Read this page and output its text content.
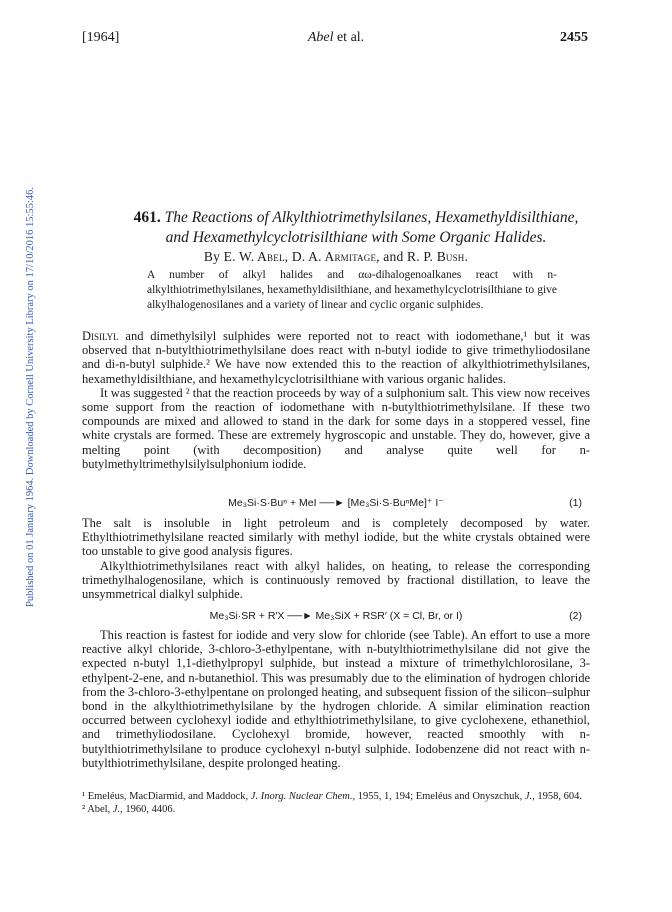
Published on 01 January 1964. Downloaded by Cornell University Library on 17/10/2016 15:55:46.
[1964]	Abel et al.	2455
461. The Reactions of Alkylthiotrimethylsilanes, Hexamethyldisilthiane,
and Hexamethylcyclotrisilthiane with Some Organic Halides.
By E. W. Abel, D. A. Armitage, and R. P. Bush.
A number of alkyl halides and αω-dihalogenoalkanes react with n-alkylthiotrimethylsilanes, hexamethyldisilthiane, and hexamethylcyclotrisilthiane to give alkylhalogenosilanes and a variety of linear and cyclic organic sulphides.

Disilyl and dimethylsilyl sulphides were reported not to react with iodomethane,¹ but it was observed that n-butylthiotrimethylsilane does react with n-butyl iodide to give trimethyliodosilane and di-n-butyl sulphide.² We have now extended this to the reaction of alkylthiotrimethylsilanes, hexamethyldisilthiane, and hexamethylcyclotrisilthiane with various organic halides.

It was suggested ² that the reaction proceeds by way of a sulphonium salt. This view now receives some support from the reaction of iodomethane with n-butylthiotrimethylsilane. If these two compounds are mixed and allowed to stand in the dark for some days in a stoppered vessel, fine white crystals are formed. These are extremely hygroscopic and unstable. They do, however, give a melting point (with decomposition) and analyse quite well for n-butylmethyltrimethylsilylsulphonium iodide.

Me₃Si·S·Buⁿ + MeI ──► [Me₃Si·S·BuⁿMe]⁺ I⁻	(1)

The salt is insoluble in light petroleum and is completely decomposed by water. Ethylthiotrimethylsilane reacted similarly with methyl iodide, but the white crystals obtained were too unstable to give good analysis figures.

Alkylthiotrimethylsilanes react with alkyl halides, on heating, to release the corresponding trimethylhalogenosilane, which is continuously removed by fractional distillation, to leave the unsymmetrical dialkyl sulphide.

Me₃Si·SR + R′X ──► Me₃SiX + RSR′ (X = Cl, Br, or I)	(2)

This reaction is fastest for iodide and very slow for chloride (see Table). An effort to use a more reactive alkyl chloride, 3-chloro-3-ethylpentane, with n-butylthiotrimethylsilane did not give the expected n-butyl 1,1-diethylpropyl sulphide, but instead a mixture of trimethylchlorosilane, 3-ethylpent-2-ene, and n-butanethiol. This was presumably due to the elimination of hydrogen chloride from the 3-chloro-3-ethylpentane on prolonged heating, and subsequent fission of the silicon–sulphur bond in the alkylthiotrimethylsilane by the hydrogen chloride. A similar elimination reaction occurred between cyclohexyl iodide and ethylthiotrimethylsilane, to give cyclohexene, ethanethiol, and trimethyliodosilane. Cyclohexyl bromide, however, reacted smoothly with n-butylthiotrimethylsilane to produce cyclohexyl n-butyl sulphide. Iodobenzene did not react with n-butylthiotrimethylsilane, despite prolonged heating.

¹ Emeléus, MacDiarmid, and Maddock, J. Inorg. Nuclear Chem., 1955, 1, 194; Emeléus and Onyszchuk, J., 1958, 604.

² Abel, J., 1960, 4406.
